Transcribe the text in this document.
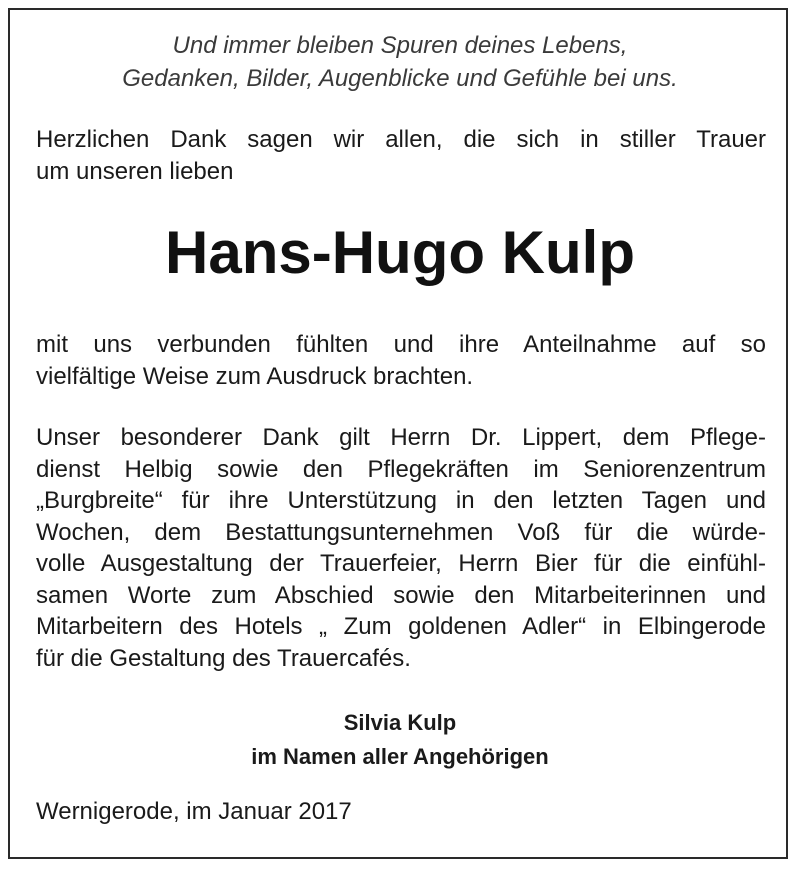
Und immer bleiben Spuren deines Lebens,

Gedanken, Bilder, Augenblicke und Gefühle bei uns.

Herzlichen Dank sagen wir allen, die sich in stiller Trauer
um unseren lieben
Hans-Hugo Kulp
mit uns verbunden fühlten und ihre Anteilnahme auf so
vielfältige Weise zum Ausdruck brachten.
Unser besonderer Dank gilt Herrn Dr. Lippert, dem Pflege-
dienst Helbig sowie den Pflegekräften im Seniorenzentrum
„Burgbreite“ für ihre Unterstützung in den letzten Tagen und
Wochen, dem Bestattungsunternehmen Voß für die würde-
volle Ausgestaltung der Trauerfeier, Herrn Bier für die einfühl-
samen Worte zum Abschied sowie den Mitarbeiterinnen und
Mitarbeitern des Hotels „ Zum goldenen Adler“ in Elbingerode
für die Gestaltung des Trauercafés.

Silvia Kulp

im Namen aller Angehörigen

Wernigerode, im Januar 2017
